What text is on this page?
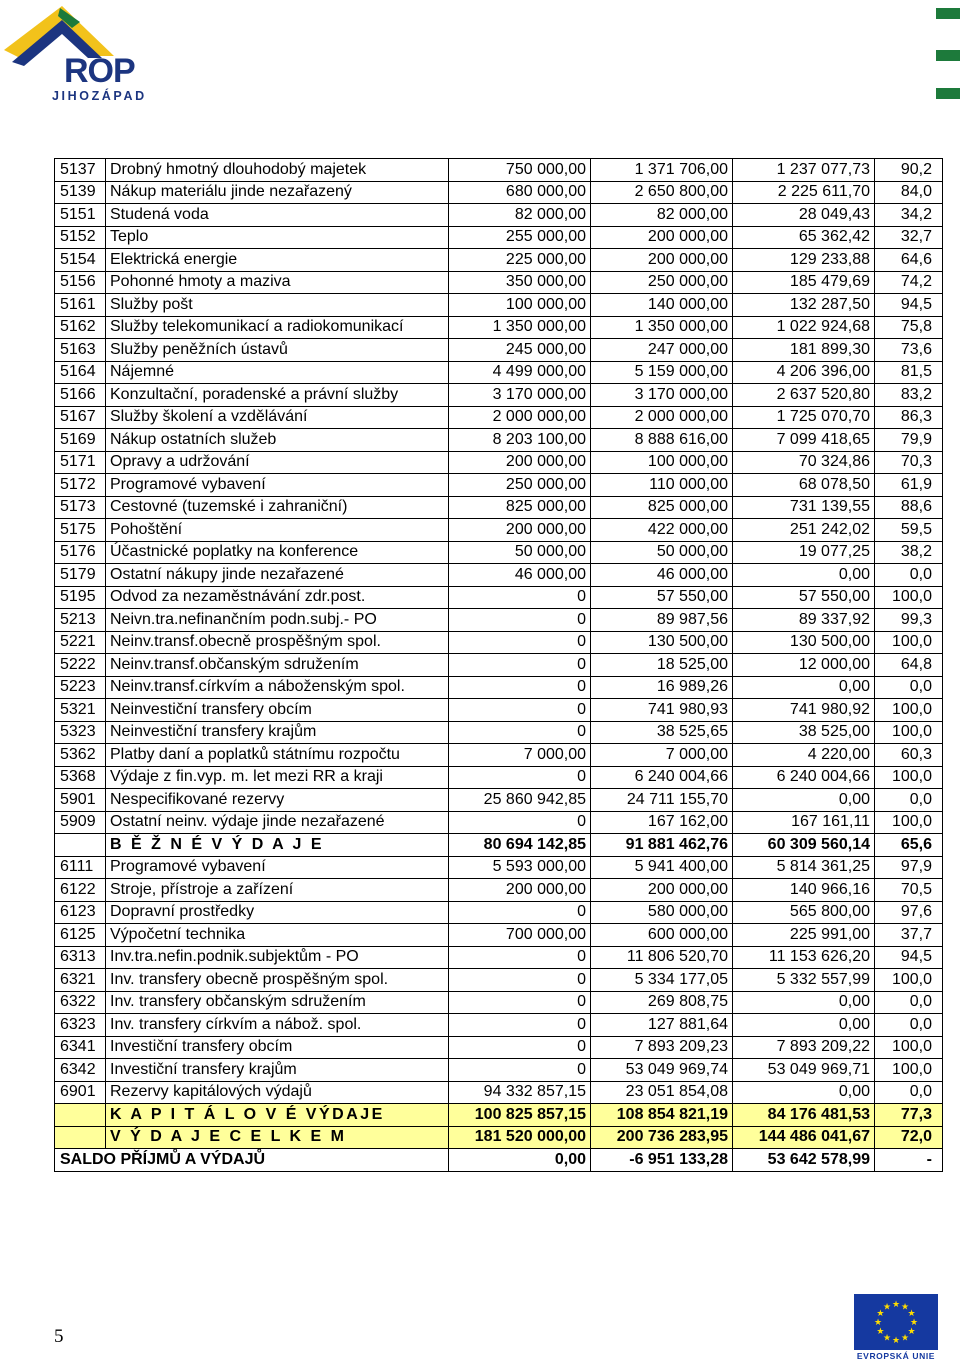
ROP
JIHOZÁPAD
5137	Drobný hmotný dlouhodobý majetek	750 000,00	1 371 706,00	1 237 077,73	90,2
5139	Nákup materiálu jinde nezařazený	680 000,00	2 650 800,00	2 225 611,70	84,0
5151	Studená voda	82 000,00	82 000,00	28 049,43	34,2
5152	Teplo	255 000,00	200 000,00	65 362,42	32,7
5154	Elektrická energie	225 000,00	200 000,00	129 233,88	64,6
5156	Pohonné hmoty a maziva	350 000,00	250 000,00	185 479,69	74,2
5161	Služby pošt	100 000,00	140 000,00	132 287,50	94,5
5162	Služby telekomunikací a radiokomunikací	1 350 000,00	1 350 000,00	1 022 924,68	75,8
5163	Služby peněžních ústavů	245 000,00	247 000,00	181 899,30	73,6
5164	Nájemné	4 499 000,00	5 159 000,00	4 206 396,00	81,5
5166	Konzultační, poradenské a právní služby	3 170 000,00	3 170 000,00	2 637 520,80	83,2
5167	Služby školení a vzdělávání	2 000 000,00	2 000 000,00	1 725 070,70	86,3
5169	Nákup ostatních služeb	8 203 100,00	8 888 616,00	7 099 418,65	79,9
5171	Opravy a udržování	200 000,00	100 000,00	70 324,86	70,3
5172	Programové vybavení	250 000,00	110 000,00	68 078,50	61,9
5173	Cestovné (tuzemské i zahraniční)	825 000,00	825 000,00	731 139,55	88,6
5175	Pohoštění	200 000,00	422 000,00	251 242,02	59,5
5176	Účastnické poplatky na konference	50 000,00	50 000,00	19 077,25	38,2
5179	Ostatní nákupy jinde nezařazené	46 000,00	46 000,00	0,00	0,0
5195	Odvod za nezaměstnávání zdr.post.	0	57 550,00	57 550,00	100,0
5213	Neivn.tra.nefinančním podn.subj.- PO	0	89 987,56	89 337,92	99,3
5221	Neinv.transf.obecně prospěšným spol.	0	130 500,00	130 500,00	100,0
5222	Neinv.transf.občanským sdružením	0	18 525,00	12 000,00	64,8
5223	Neinv.transf.církvím a náboženským spol.	0	16 989,26	0,00	0,0
5321	Neinvestiční transfery obcím	0	741 980,93	741 980,92	100,0
5323	Neinvestiční transfery krajům	0	38 525,65	38 525,00	100,0
5362	Platby daní a poplatků státnímu rozpočtu	7 000,00	7 000,00	4 220,00	60,3
5368	Výdaje z fin.vyp. m. let mezi RR a kraji	0	6 240 004,66	6 240 004,66	100,0
5901	Nespecifikované rezervy	25 860 942,85	24 711 155,70	0,00	0,0
5909	Ostatní neinv. výdaje jinde nezařazené	0	167 162,00	167 161,11	100,0
	B Ě Ž N É V Ý D A J E	80 694 142,85	91 881 462,76	60 309 560,14	65,6
6111	Programové vybavení	5 593 000,00	5 941 400,00	5 814 361,25	97,9
6122	Stroje, přístroje a zařízení	200 000,00	200 000,00	140 966,16	70,5
6123	Dopravní prostředky	0	580 000,00	565 800,00	97,6
6125	Výpočetní technika	700 000,00	600 000,00	225 991,00	37,7
6313	Inv.tra.nefin.podnik.subjektům - PO	0	11 806 520,70	11 153 626,20	94,5
6321	Inv. transfery obecně prospěšným spol.	0	5 334 177,05	5 332 557,99	100,0
6322	Inv. transfery občanským sdružením	0	269 808,75	0,00	0,0
6323	Inv. transfery církvím a nábož. spol.	0	127 881,64	0,00	0,0
6341	Investiční transfery obcím	0	7 893 209,23	7 893 209,22	100,0
6342	Investiční transfery krajům	0	53 049 969,74	53 049 969,71	100,0
6901	Rezervy kapitálových výdajů	94 332 857,15	23 051 854,08	0,00	0,0
	K A P I T Á L O V É VÝDAJE	100 825 857,15	108 854 821,19	84 176 481,53	77,3
	V Ý D A J E C E L K E M	181 520 000,00	200 736 283,95	144 486 041,67	72,0
SALDO PŘÍJMŮ A VÝDAJŮ		0,00	-6 951 133,28	53 642 578,99	-
5
★
★
★
★
★
★
★
★
★ ★ ★
★
EVROPSKÁ UNIE
